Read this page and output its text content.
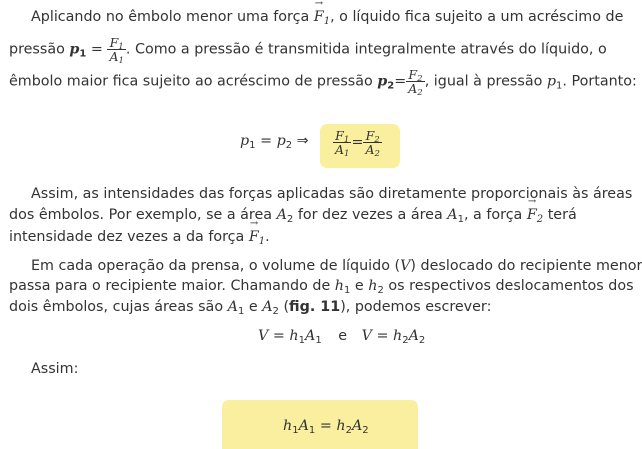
Aplicando no êmbolo menor uma força → $F_1$, o líquido fica sujeito a um acréscimo de
pressão $p_1 = \frac{F_1}{A_1}$ . Como a pressão é transmitida integralmente através do líquido, o
êmbolo maior fica sujeito ao acréscimo de pressão $p_2= \frac{F_2}{A_2}$ , igual à pressão $p_1$. Portanto:
$p_1 = p_2$ ⇒ $\frac{F_1}{A_1} = \frac{F_2}{A_2}$
Assim, as intensidades das forças aplicadas são diretamente proporcionais às áreas
dos êmbolos. Por exemplo, se a área $A_2$ for dez vezes a área $A_1$, a força → $F_2$ terá
intensidade dez vezes a da força → $F_1$.
Em cada operação da prensa, o volume de líquido (V) deslocado do recipiente menor
passa para o recipiente maior. Chamando de $h_1$ e $h_2$ os respectivos deslocamentos dos
dois êmbolos, cujas áreas são $A_1$ e $A_2$ (fig. 11), podemos escrever:
$V = h_1A_1$ e $V = h_2A_2$
Assim:
$h_1A_1 = h_2A_2$
